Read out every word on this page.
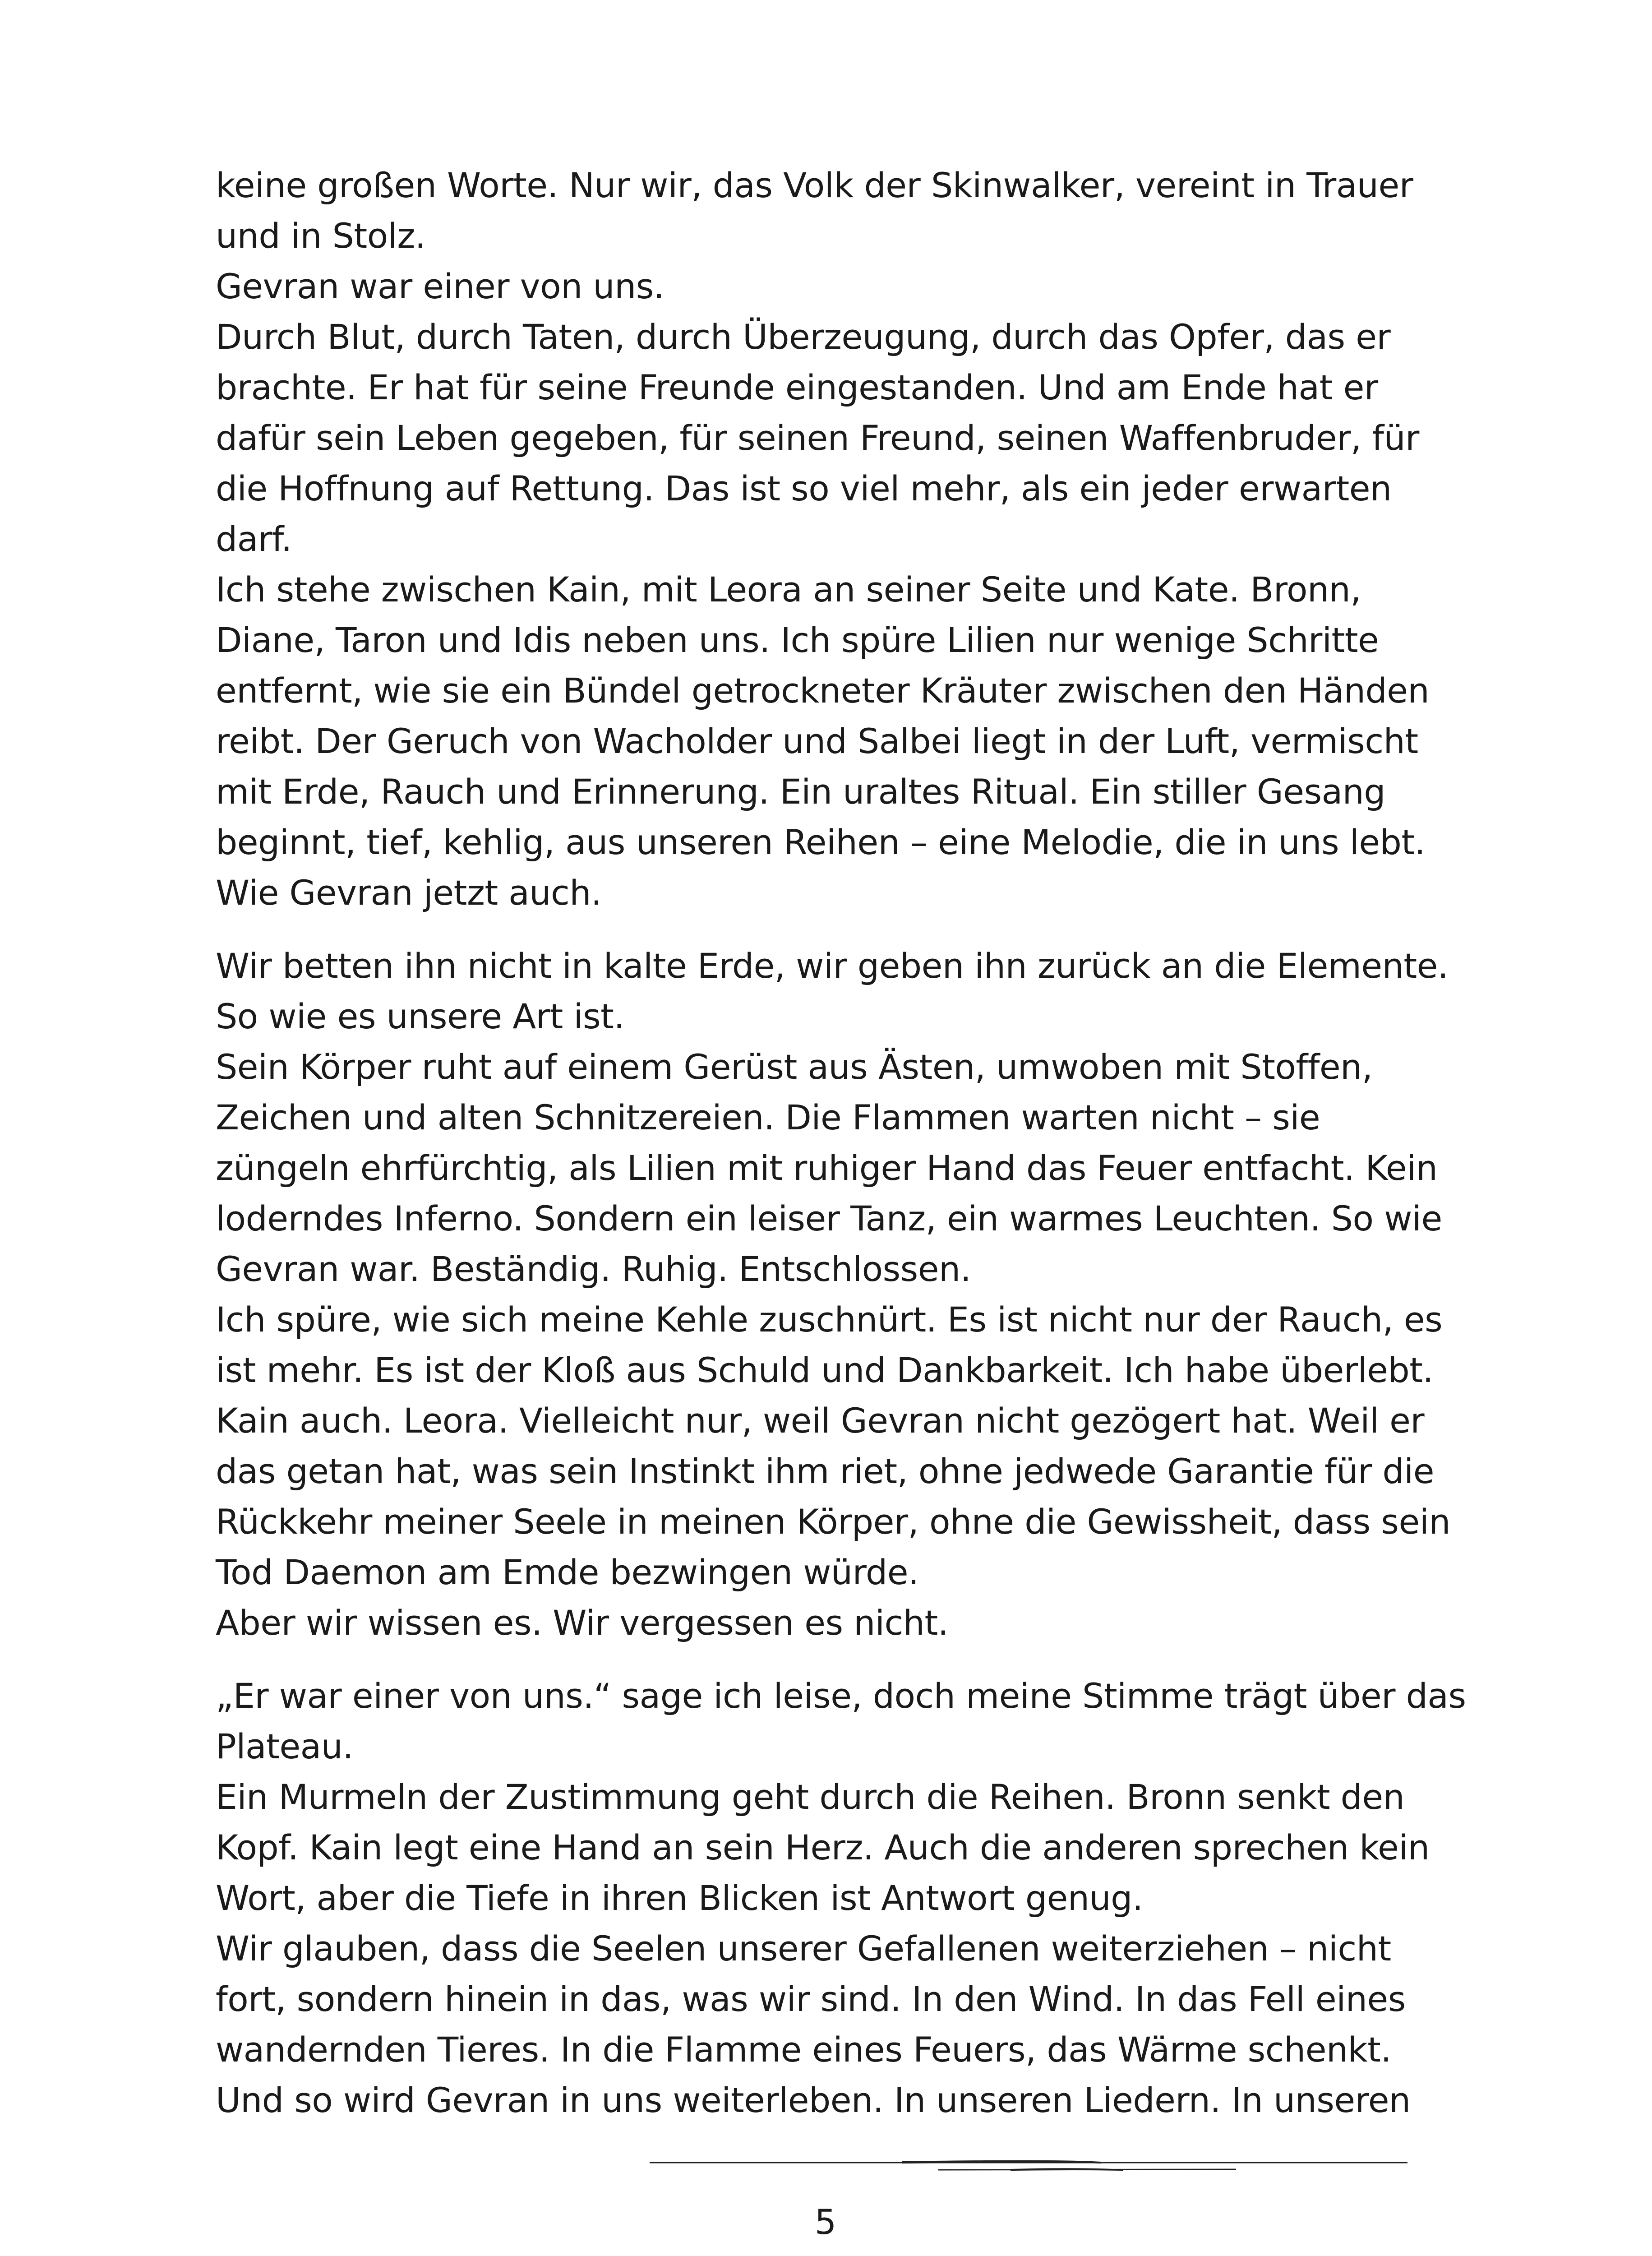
keine großen Worte. Nur wir, das Volk der Skinwalker, vereint in Trauer
und in Stolz.
Gevran war einer von uns.
Durch Blut, durch Taten, durch Überzeugung, durch das Opfer, das er
brachte. Er hat für seine Freunde eingestanden. Und am Ende hat er
dafür sein Leben gegeben, für seinen Freund, seinen Waffenbruder, für
die Hoffnung auf Rettung. Das ist so viel mehr, als ein jeder erwarten
darf.
Ich stehe zwischen Kain, mit Leora an seiner Seite und Kate. Bronn,
Diane, Taron und Idis neben uns. Ich spüre Lilien nur wenige Schritte
entfernt, wie sie ein Bündel getrockneter Kräuter zwischen den Händen
reibt. Der Geruch von Wacholder und Salbei liegt in der Luft, vermischt
mit Erde, Rauch und Erinnerung. Ein uraltes Ritual. Ein stiller Gesang
beginnt, tief, kehlig, aus unseren Reihen – eine Melodie, die in uns lebt.
Wie Gevran jetzt auch.
Wir betten ihn nicht in kalte Erde, wir geben ihn zurück an die Elemente.
So wie es unsere Art ist.
Sein Körper ruht auf einem Gerüst aus Ästen, umwoben mit Stoffen,
Zeichen und alten Schnitzereien. Die Flammen warten nicht – sie
züngeln ehrfürchtig, als Lilien mit ruhiger Hand das Feuer entfacht. Kein
loderndes Inferno. Sondern ein leiser Tanz, ein warmes Leuchten. So wie
Gevran war. Beständig. Ruhig. Entschlossen.
Ich spüre, wie sich meine Kehle zuschnürt. Es ist nicht nur der Rauch, es
ist mehr. Es ist der Kloß aus Schuld und Dankbarkeit. Ich habe überlebt.
Kain auch. Leora. Vielleicht nur, weil Gevran nicht gezögert hat. Weil er
das getan hat, was sein Instinkt ihm riet, ohne jedwede Garantie für die
Rückkehr meiner Seele in meinen Körper, ohne die Gewissheit, dass sein
Tod Daemon am Emde bezwingen würde.
Aber wir wissen es. Wir vergessen es nicht.
„Er war einer von uns.“ sage ich leise, doch meine Stimme trägt über das
Plateau.
Ein Murmeln der Zustimmung geht durch die Reihen. Bronn senkt den
Kopf. Kain legt eine Hand an sein Herz. Auch die anderen sprechen kein
Wort, aber die Tiefe in ihren Blicken ist Antwort genug.
Wir glauben, dass die Seelen unserer Gefallenen weiterziehen – nicht
fort, sondern hinein in das, was wir sind. In den Wind. In das Fell eines
wandernden Tieres. In die Flamme eines Feuers, das Wärme schenkt.
Und so wird Gevran in uns weiterleben. In unseren Liedern. In unseren
5
